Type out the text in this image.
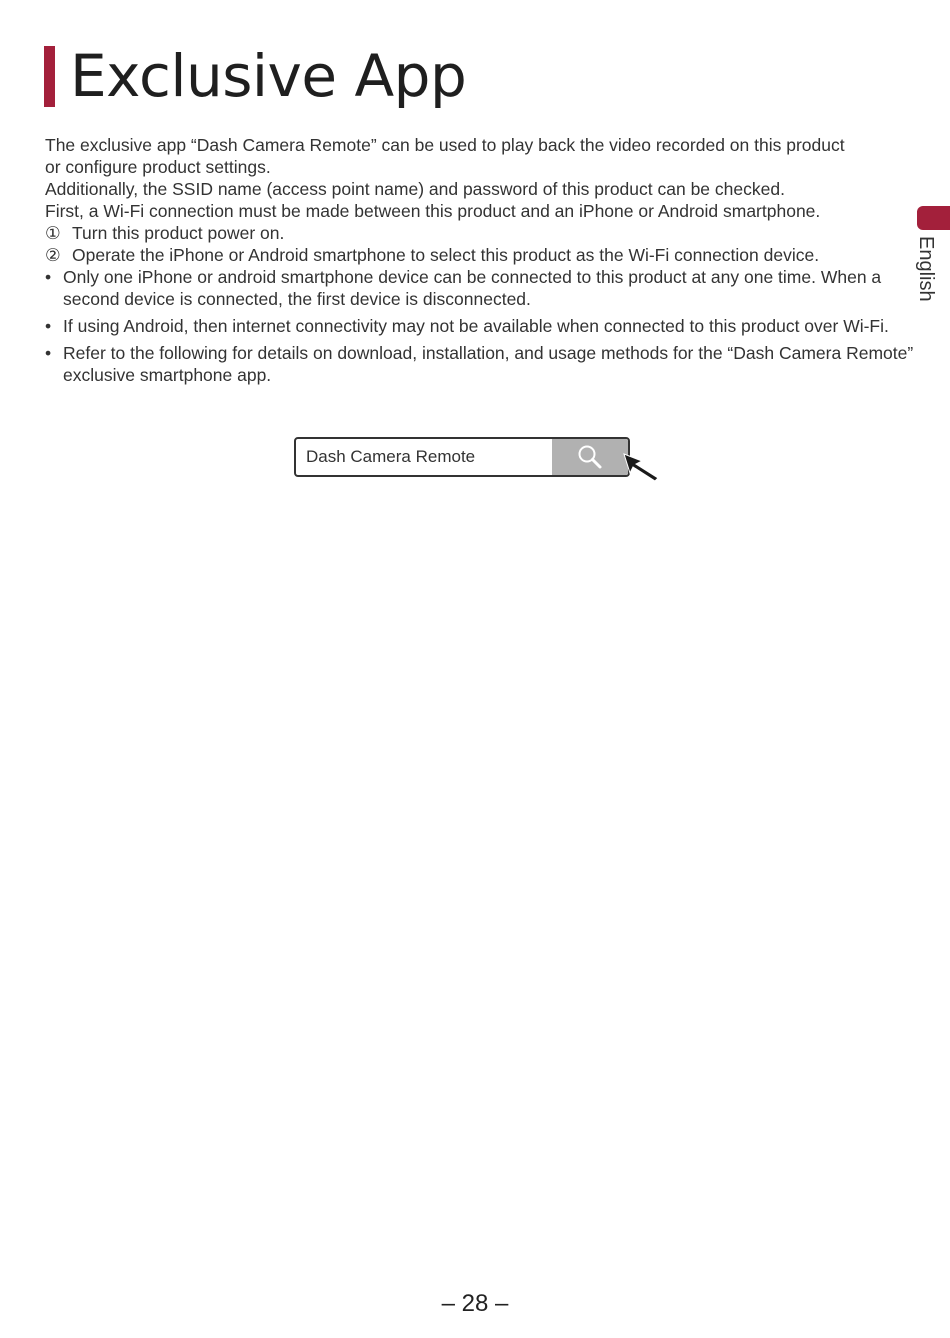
Exclusive App
English

The exclusive app “Dash Camera Remote” can be used to play back the video recorded on this product

or configure product settings.

Additionally, the SSID name (access point name) and password of this product can be checked.

First, a Wi-Fi connection must be made between this product and an iPhone or Android smartphone.

① Turn this product power on.
② Operate the iPhone or Android smartphone to select this product as the Wi-Fi connection device.
• Only one iPhone or android smartphone device can be connected to this product at any one time. When a second device is connected, the first device is disconnected.
• If using Android, then internet connectivity may not be available when connected to this product over Wi-Fi.
• Refer to the following for details on download, installation, and usage methods for the “Dash Camera Remote” exclusive smartphone app.
Dash Camera Remote
– 28 –
